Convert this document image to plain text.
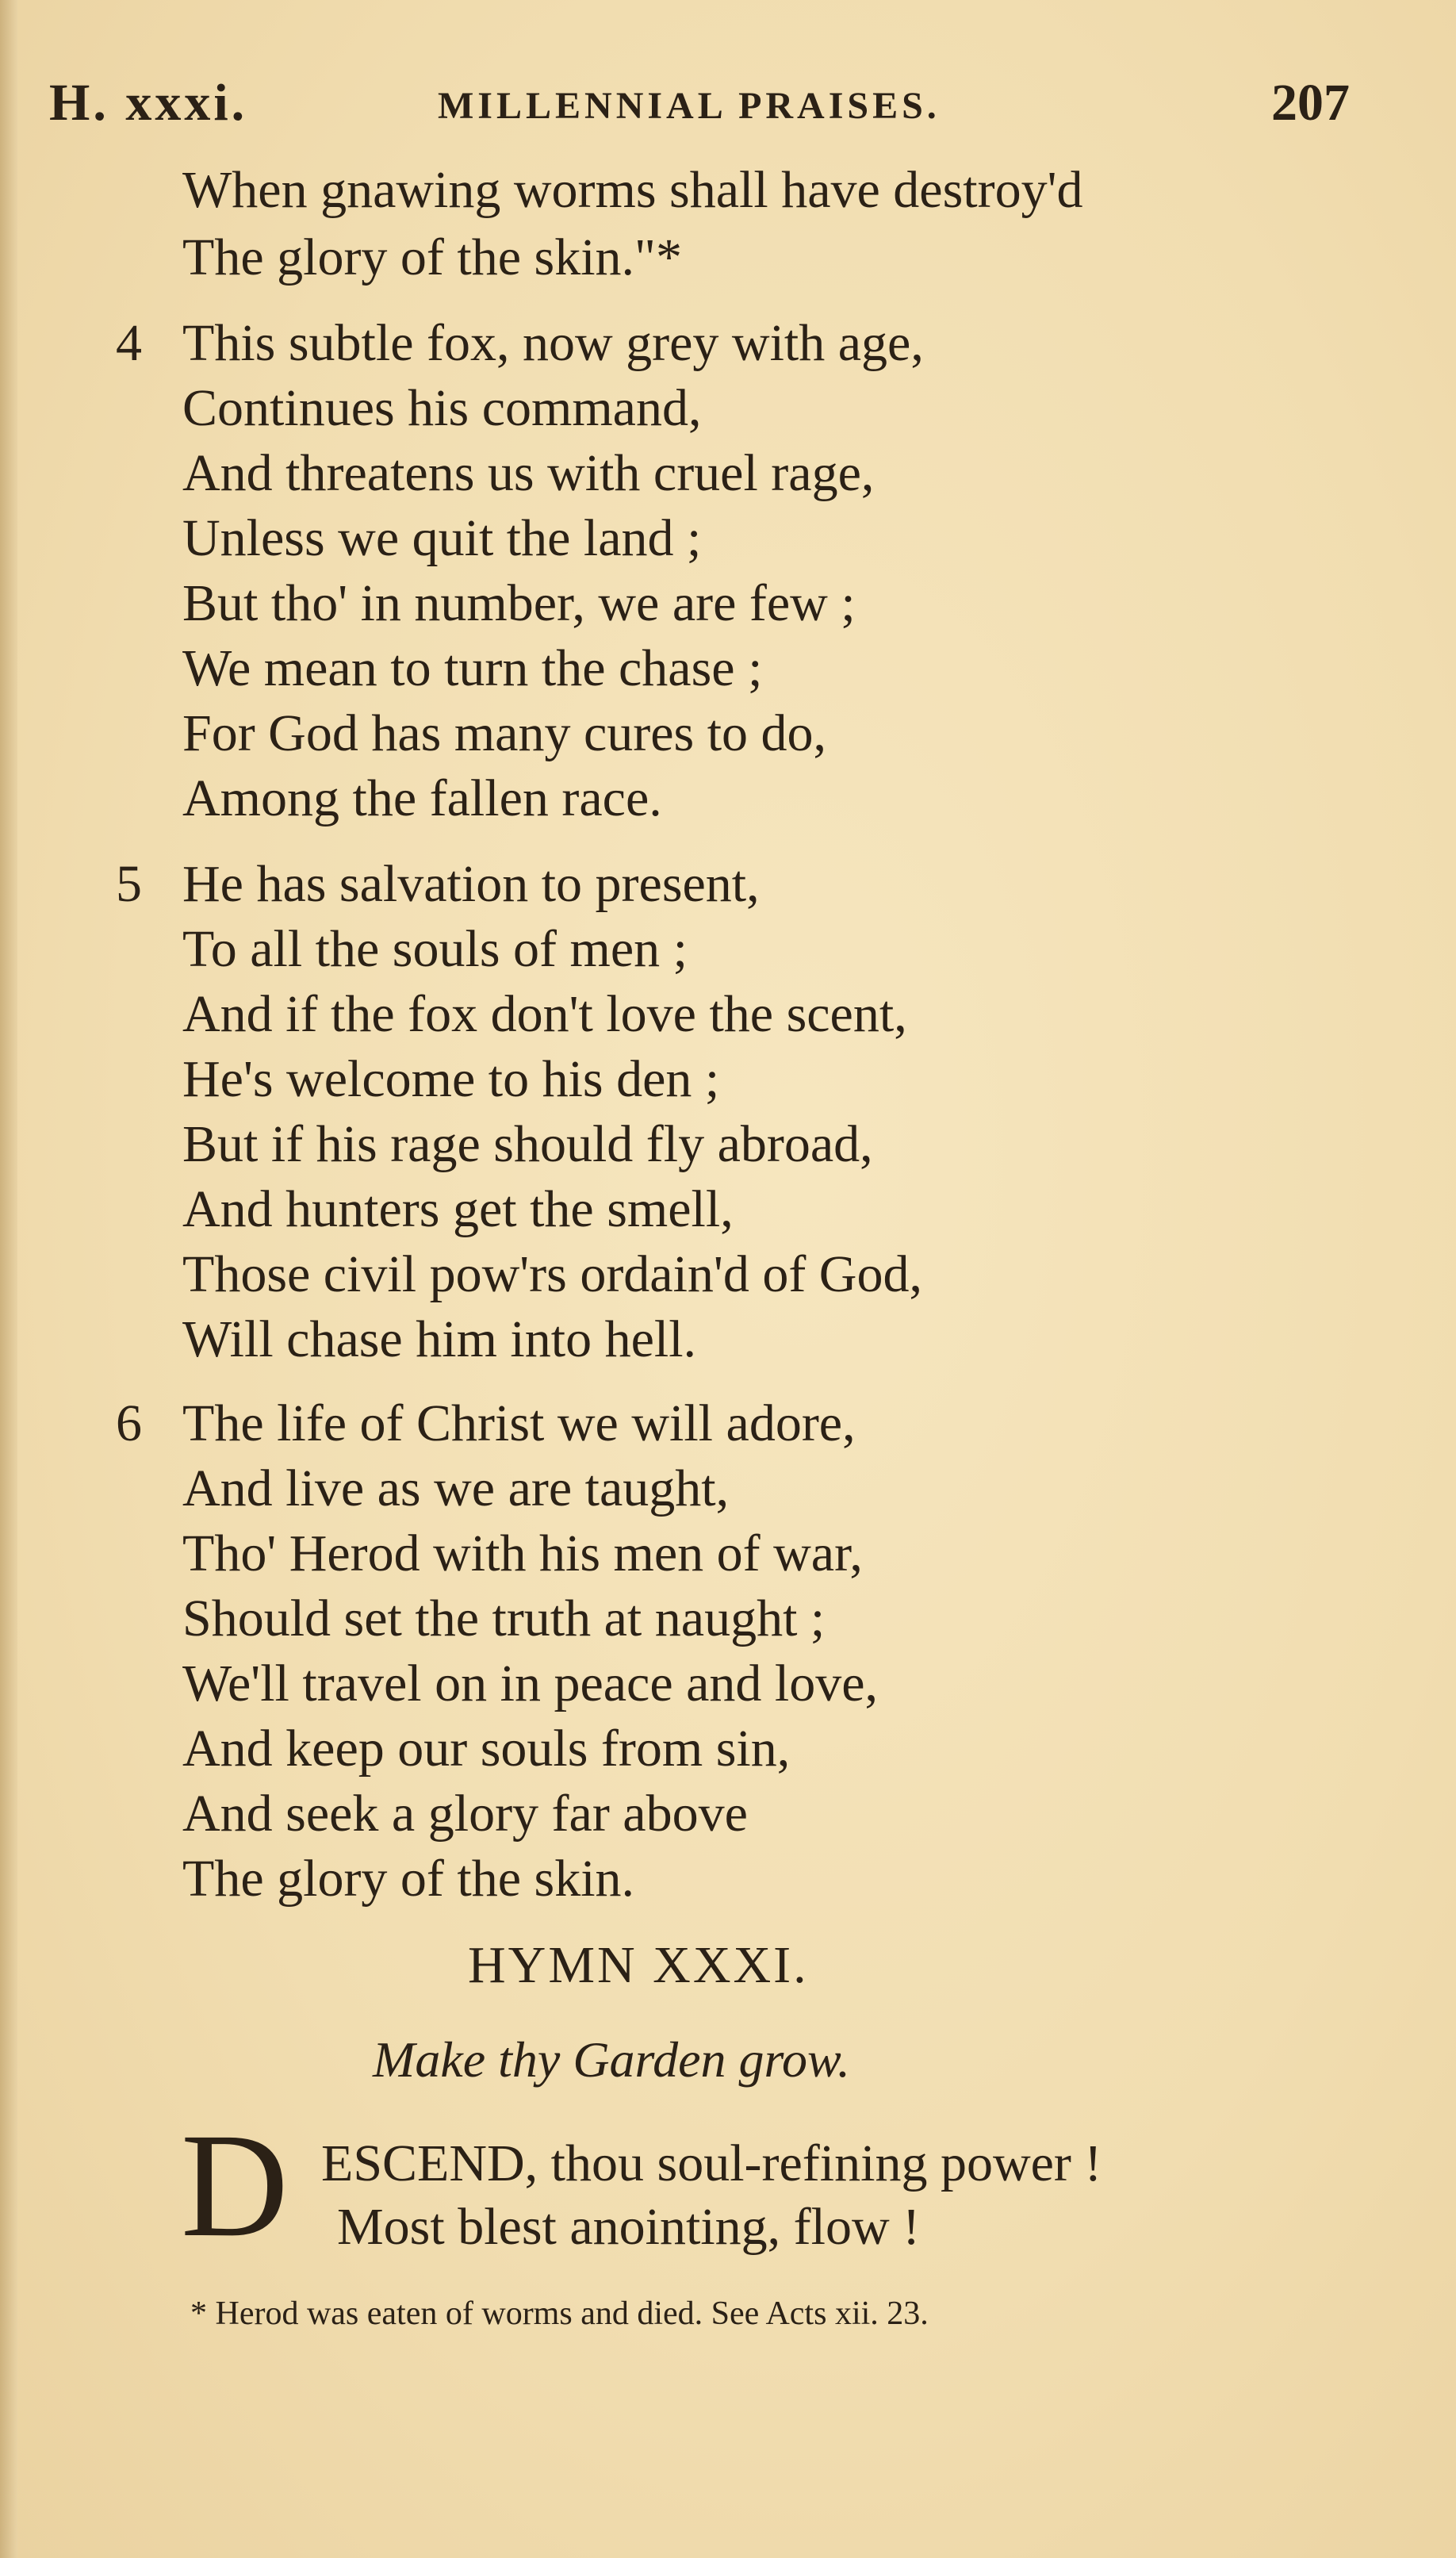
H. xxxi.	MILLENNIAL PRAISES.	207
When gnawing worms shall have destroy'd
The glory of the skin."*
4 This subtle fox, now grey with age,
Continues his command,
And threatens us with cruel rage,
Unless we quit the land ;
But tho' in number, we are few ;
We mean to turn the chase ;
For God has many cures to do,
Among the fallen race.
5 He has salvation to present,
To all the souls of men ;
And if the fox don't love the scent,
He's welcome to his den ;
But if his rage should fly abroad,
And hunters get the smell,
Those civil pow'rs ordain'd of God,
Will chase him into hell.
6 The life of Christ we will adore,
And live as we are taught,
Tho' Herod with his men of war,
Should set the truth at naught ;
We'll travel on in peace and love,
And keep our souls from sin,
And seek a glory far above
The glory of the skin.
HYMN XXXI.
Make thy Garden grow.
D ESCEND, thou soul-refining power !
Most blest anointing, flow !
* Herod was eaten of worms and died. See Acts xii. 23.
